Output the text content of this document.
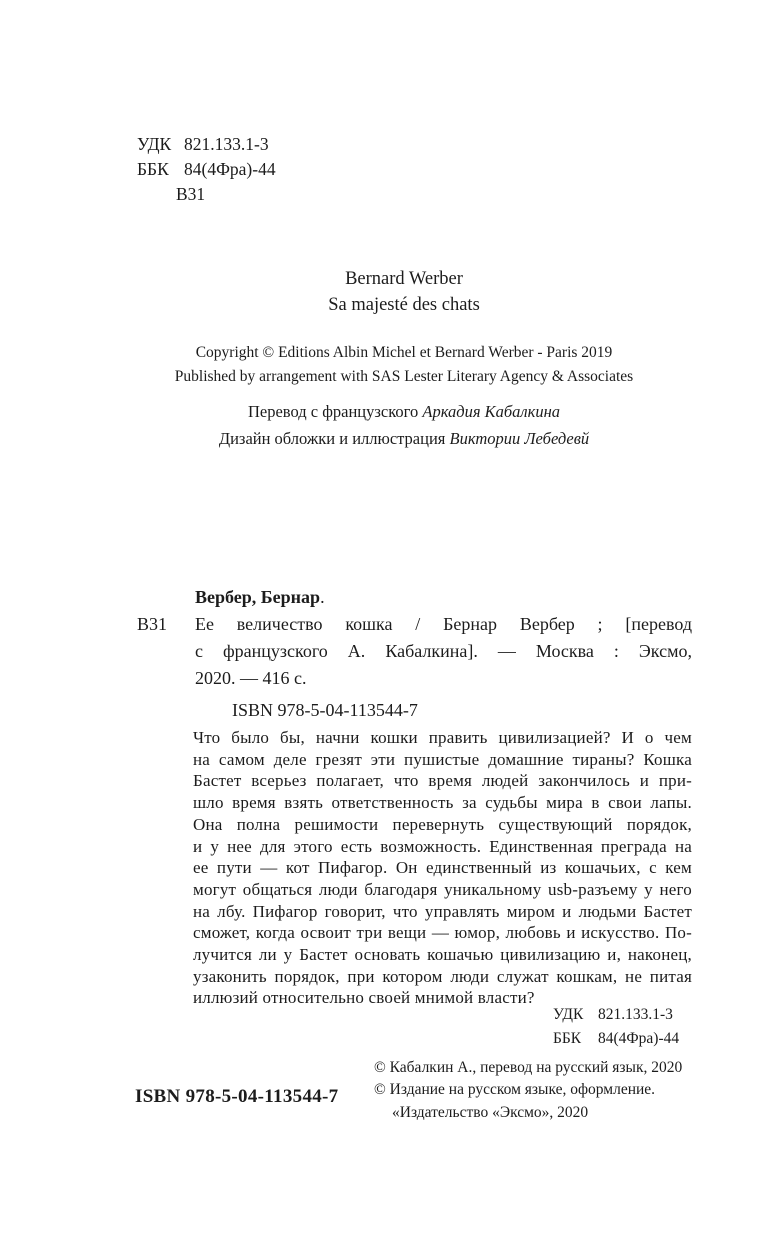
УДК 821.133.1-3
ББК 84(4Фра)-44
В31
Bernard Werber
Sa majesté des chats
Copyright © Editions Albin Michel et Bernard Werber - Paris 2019
Published by arrangement with SAS Lester Literary Agency & Associates
Перевод с французского Аркадия Кабалкина
Дизайн обложки и иллюстрация Виктории Лебедевй
Вербер, Бернар.
В31 Ее величество кошка / Бернар Вербер ; [перевод
с французского А. Кабалкина]. — Москва : Эксмо,
2020. — 416 с.
ISBN 978-5-04-113544-7
Что было бы, начни кошки править цивилизацией? И о чем
на самом деле грезят эти пушистые домашние тираны? Кошка
Бастет всерьез полагает, что время людей закончилось и при-
шло время взять ответственность за судьбы мира в свои лапы.
Она полна решимости перевернуть существующий порядок,
и у нее для этого есть возможность. Единственная преграда на
ее пути — кот Пифагор. Он единственный из кошачьих, с кем
могут общаться люди благодаря уникальному usb-разъему у него
на лбу. Пифагор говорит, что управлять миром и людьми Бастет
сможет, когда освоит три вещи — юмор, любовь и искусство. По-
лучится ли у Бастет основать кошачью цивилизацию и, наконец,
узаконить порядок, при котором люди служат кошкам, не питая
иллюзий относительно своей мнимой власти?
УДК 821.133.1-3
ББК	84(4Фра)-44
© Кабалкин А., перевод на русский язык, 2020
© Издание на русском языке, оформление.
«Издательство «Эксмо», 2020
ISBN 978-5-04-113544-7
